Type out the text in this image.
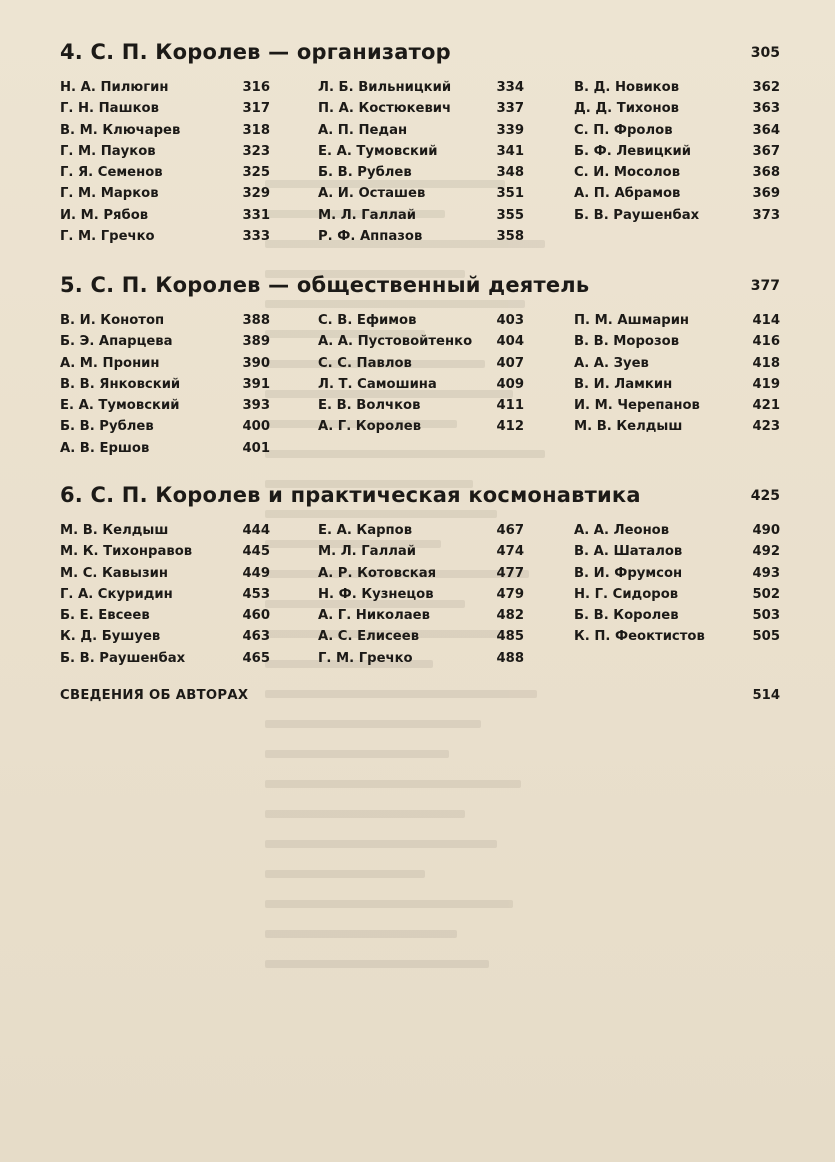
4. С. П. Королев — организатор	305
Н. А. Пилюгин	316
Г. Н. Пашков	317
В. М. Ключарев	318
Г. М. Пауков	323
Г. Я. Семенов	325
Г. М. Марков	329
И. М. Рябов	331
Г. М. Гречко	333
Л. Б. Вильницкий	334
П. А. Костюкевич	337
А. П. Педан	339
Е. А. Тумовский	341
Б. В. Рублев	348
А. И. Осташев	351
М. Л. Галлай	355
Р. Ф. Аппазов	358
В. Д. Новиков	362
Д. Д. Тихонов	363
С. П. Фролов	364
Б. Ф. Левицкий	367
С. И. Мосолов	368
А. П. Абрамов	369
Б. В. Раушенбах	373
5. С. П. Королев — общественный деятель	377
В. И. Конотоп	388
Б. Э. Апарцева	389
А. М. Пронин	390
В. В. Янковский	391
Е. А. Тумовский	393
Б. В. Рублев	400
А. В. Ершов	401
С. В. Ефимов	403
А. А. Пустовойтенко 404
С. С. Павлов	407
Л. Т. Самошина	409
Е. В. Волчков	411
А. Г. Королев	412
П. М. Ашмарин	414
В. В. Морозов	416
А. А. Зуев	418
В. И. Ламкин	419
И. М. Черепанов	421
М. В. Келдыш	423
6. С. П. Королев и практическая космонавтика	425
М. В. Келдыш	444
М. К. Тихонравов	445
М. С. Кавызин	449
Г. А. Скуридин	453
Б. Е. Евсеев	460
К. Д. Бушуев	463
Б. В. Раушенбах	465
Е. А. Карпов	467
М. Л. Галлай	474
А. Р. Котовская	477
Н. Ф. Кузнецов	479
А. Г. Николаев	482
А. С. Елисеев	485
Г. М. Гречко	488
А. А. Леонов	490
В. А. Шаталов	492
В. И. Фрумсон	493
Н. Г. Сидоров	502
Б. В. Королев	503
К. П. Феоктистов	505
СВЕДЕНИЯ ОБ АВТОРАХ	514
